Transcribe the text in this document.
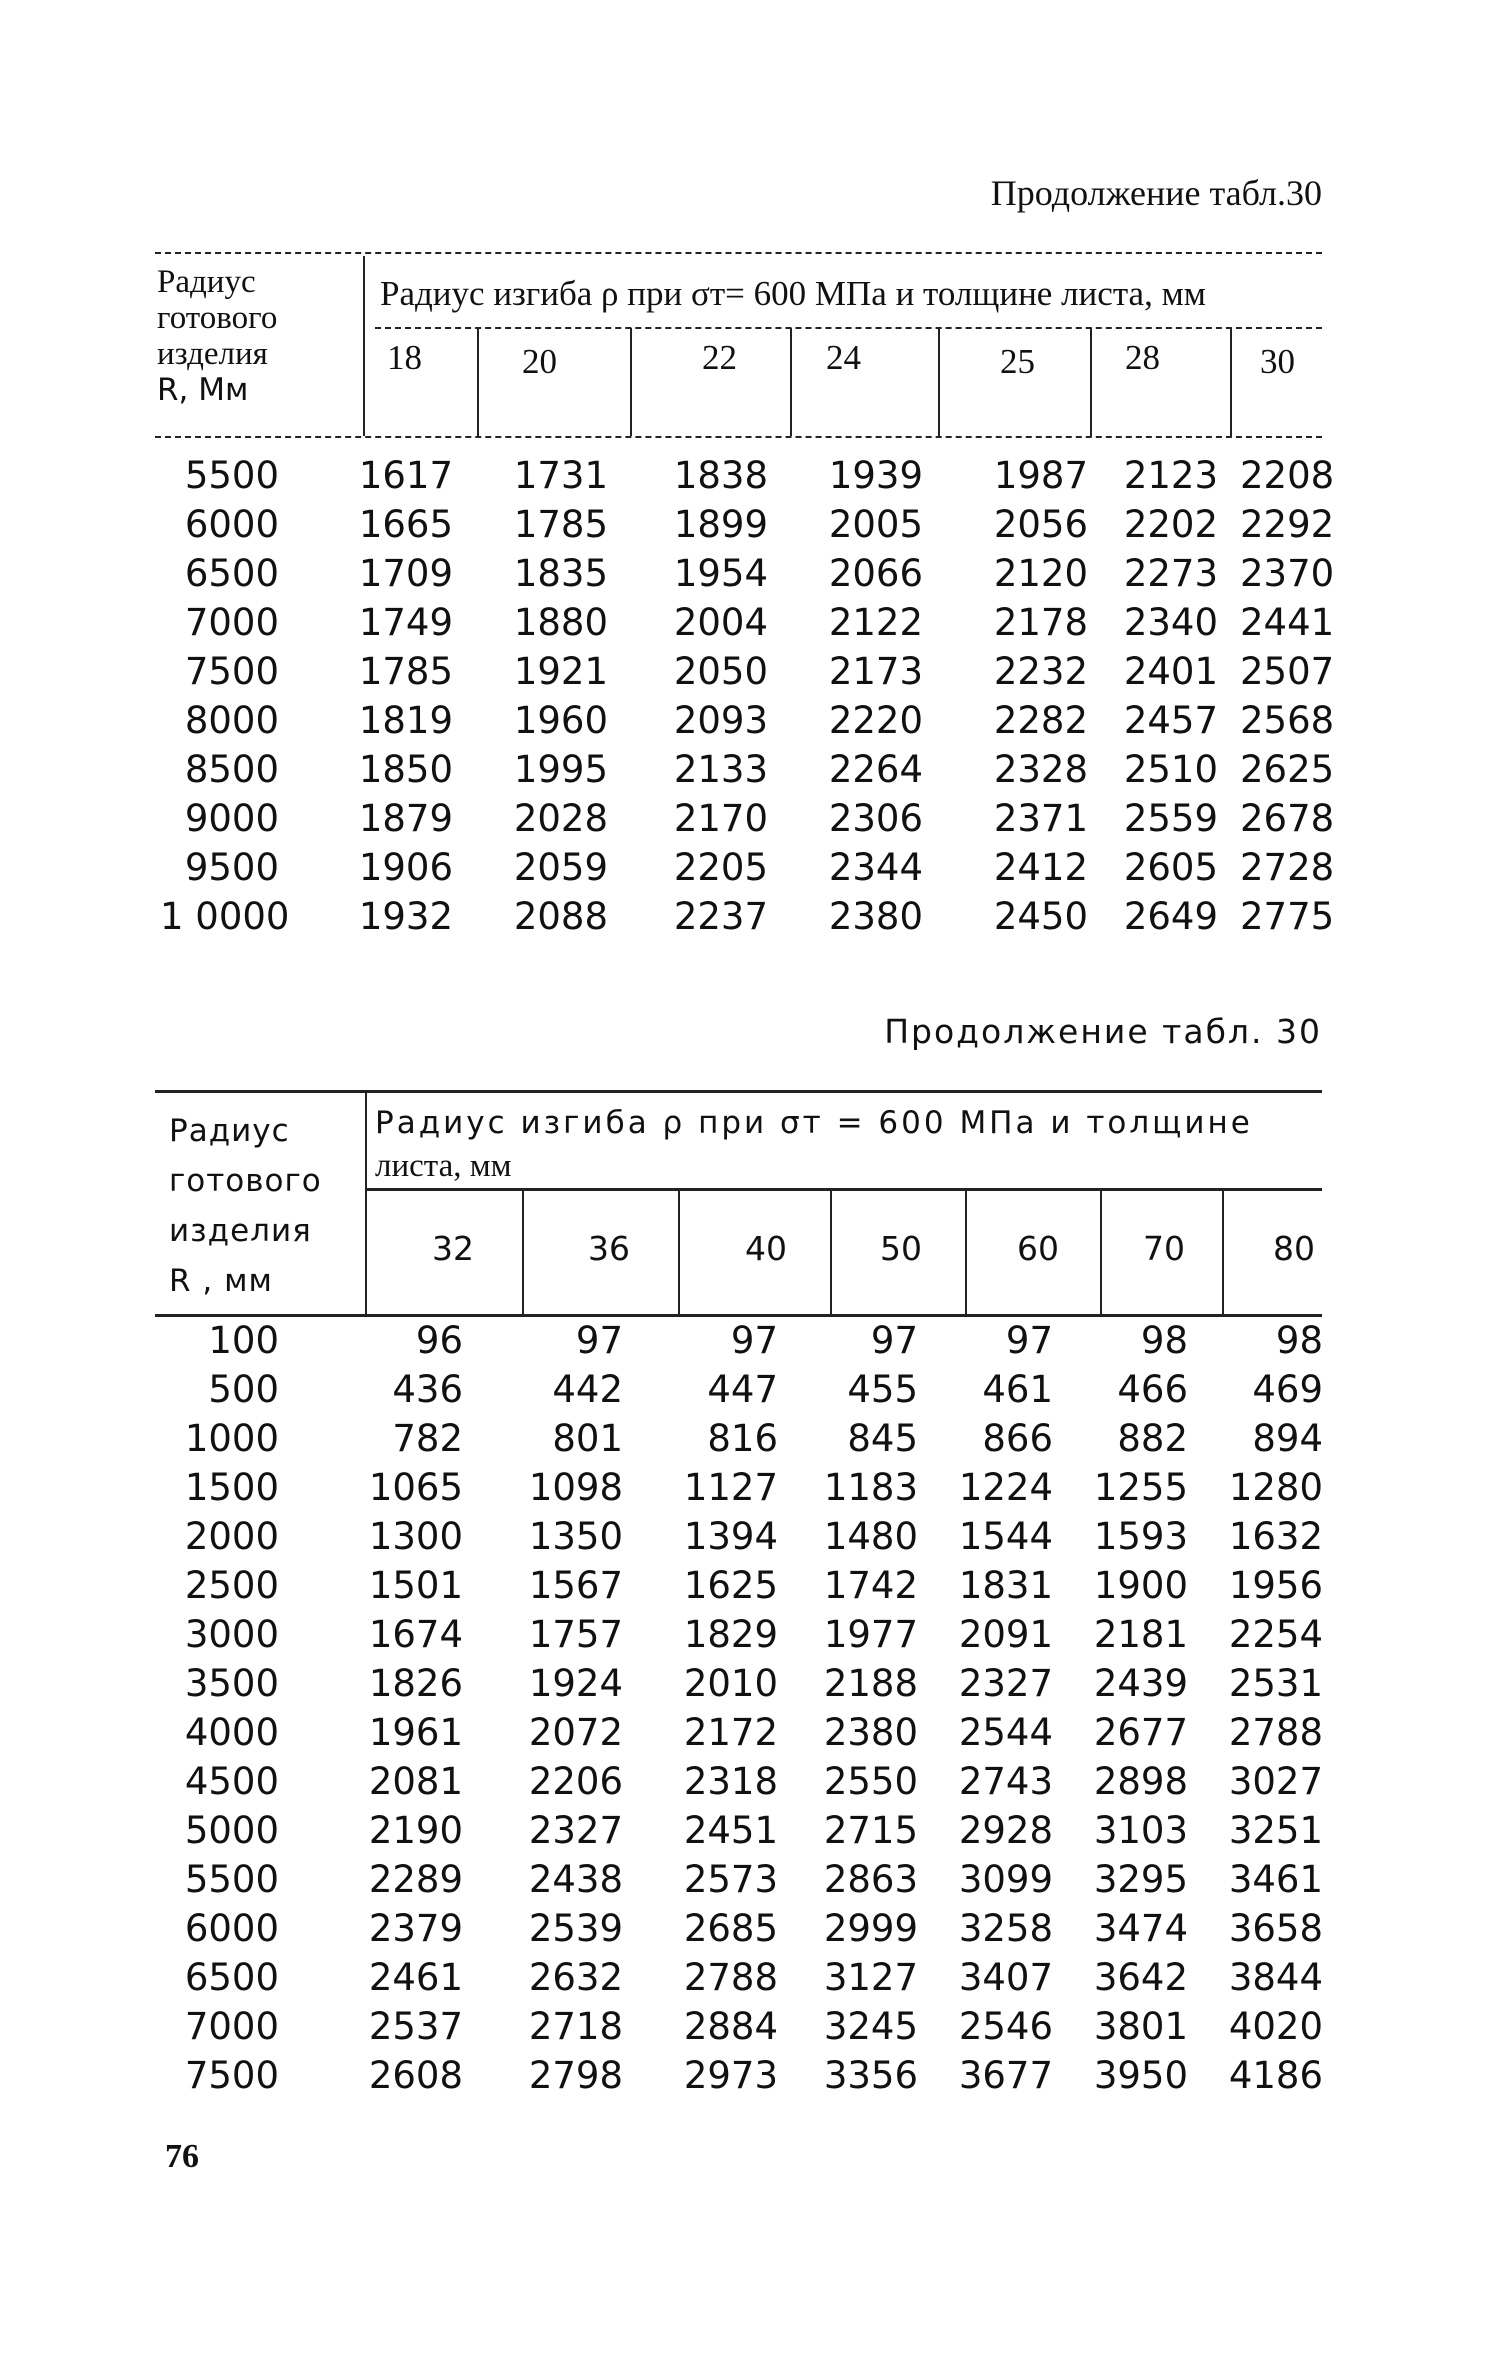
Продолжение табл.30
Радиус
готового
изделия
R, Мм
Радиус изгиба ρ при σт= 600 МПа и толщине листа, мм
18	20	22	24	25	28	30
5500	1617	1731	1838	1939	1987	2123	2208
6000	1665	1785	1899	2005	2056	2202	2292
6500	1709	1835	1954	2066	2120	2273	2370
7000	1749	1880	2004	2122	2178	2340	2441
7500	1785	1921	2050	2173	2232	2401	2507
8000	1819	1960	2093	2220	2282	2457	2568
8500	1850	1995	2133	2264	2328	2510	2625
9000	1879	2028	2170	2306	2371	2559	2678
9500	1906	2059	2205	2344	2412	2605	2728
1 0000	1932	2088	2237	2380	2450	2649	2775
Продолжение табл. 30
Радиус
готового
изделия
R , мм
Радиус изгиба ρ при σт = 600 МПа и толщине
листа, мм
32	36	40	50	60	70	80
100	96	97	97	97	97	98	98
500	436	442	447	455	461	466	469
1000	782	801	816	845	866	882	894
1500	1065	1098	1127	1183	1224	1255	1280
2000	1300	1350	1394	1480	1544	1593	1632
2500	1501	1567	1625	1742	1831	1900	1956
3000	1674	1757	1829	1977	2091	2181	2254
3500	1826	1924	2010	2188	2327	2439	2531
4000	1961	2072	2172	2380	2544	2677	2788
4500	2081	2206	2318	2550	2743	2898	3027
5000	2190	2327	2451	2715	2928	3103	3251
5500	2289	2438	2573	2863	3099	3295	3461
6000	2379	2539	2685	2999	3258	3474	3658
6500	2461	2632	2788	3127	3407	3642	3844
7000	2537	2718	2884	3245	2546	3801	4020
7500	2608	2798	2973	3356	3677	3950	4186
76
